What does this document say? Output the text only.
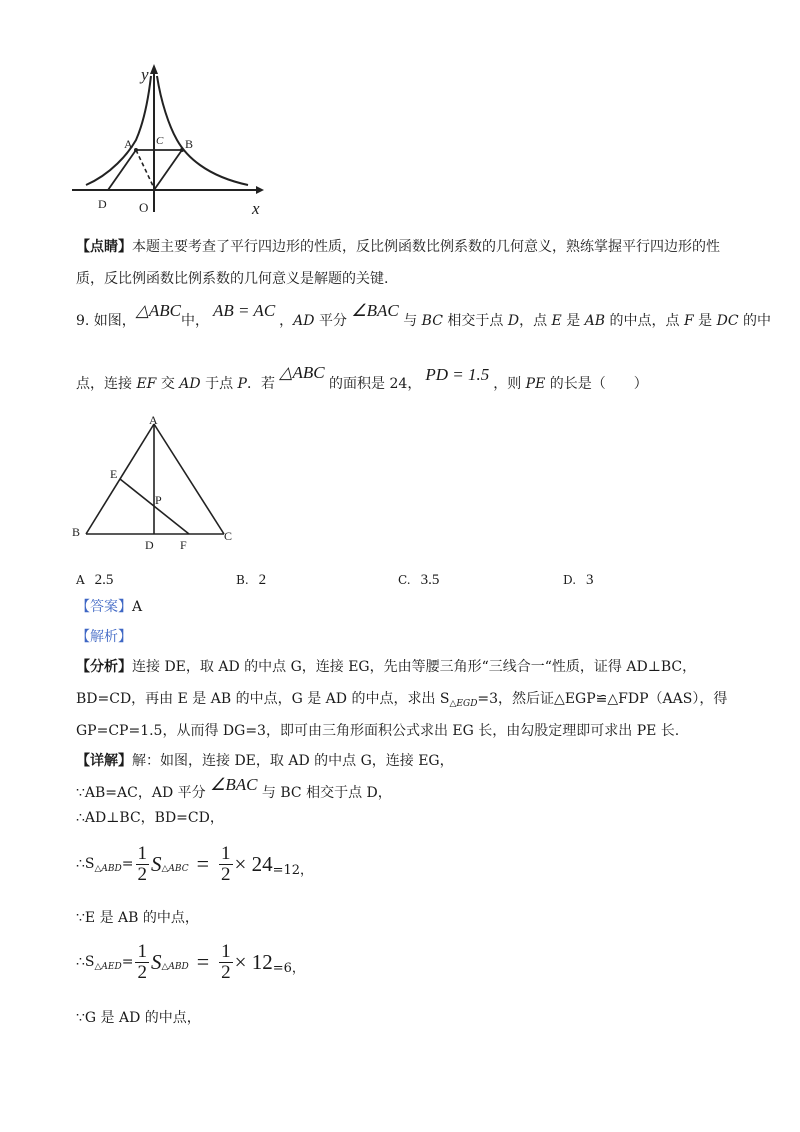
y
x
A	B
C
D O
【点睛】本题主要考查了平行四边形的性质，反比例函数比例系数的几何意义，熟练掌握平行四边形的性
质，反比例函数比例系数的几何意义是解题的关键.
9. 如图，△ABC中，AB = AC，AD 平分 ∠BAC 与 BC 相交于点 D，点 E 是 AB 的中点，点 F 是 DC 的中
点，连接 EF 交 AD 于点 P．若 △ABC 的面积是 24， PD = 1.5 ，则 PE 的长是（　　）
A
B	C
D
E
F
P
A 2.5	B. 2	C. 3.5	D. 3
【答案】A
【解析】
【分析】连接 DE，取 AD 的中点 G，连接 EG，先由等腰三角形“三线合一“性质，证得 AD⊥BC，
BD=CD，再由 E 是 AB 的中点，G 是 AD 的中点，求出 $S_{\triangle EGD}=3$，然后证△EGP≌△FDP（AAS），得
GP=CP=1.5，从而得 DG=3，即可由三角形面积公式求出 EG 长，由勾股定理即可求出 PE 长.
【详解】解：如图，连接 DE，取 AD 的中点 G，连接 EG，
∵AB=AC，AD 平分 ∠BAC 与 BC 相交于点 D，
∴AD⊥BC，BD=CD，
$\therefore S_{\triangle ABD}= \frac{1}{2} S_{\triangle ABC} = \frac{1}{2} \times 24=12$，
∵E 是 AB 的中点，
$\therefore S_{\triangle AED}= \frac{1}{2} S_{\triangle ABD} = \frac{1}{2} \times 12=6$，
∵G 是 AD 的中点，
